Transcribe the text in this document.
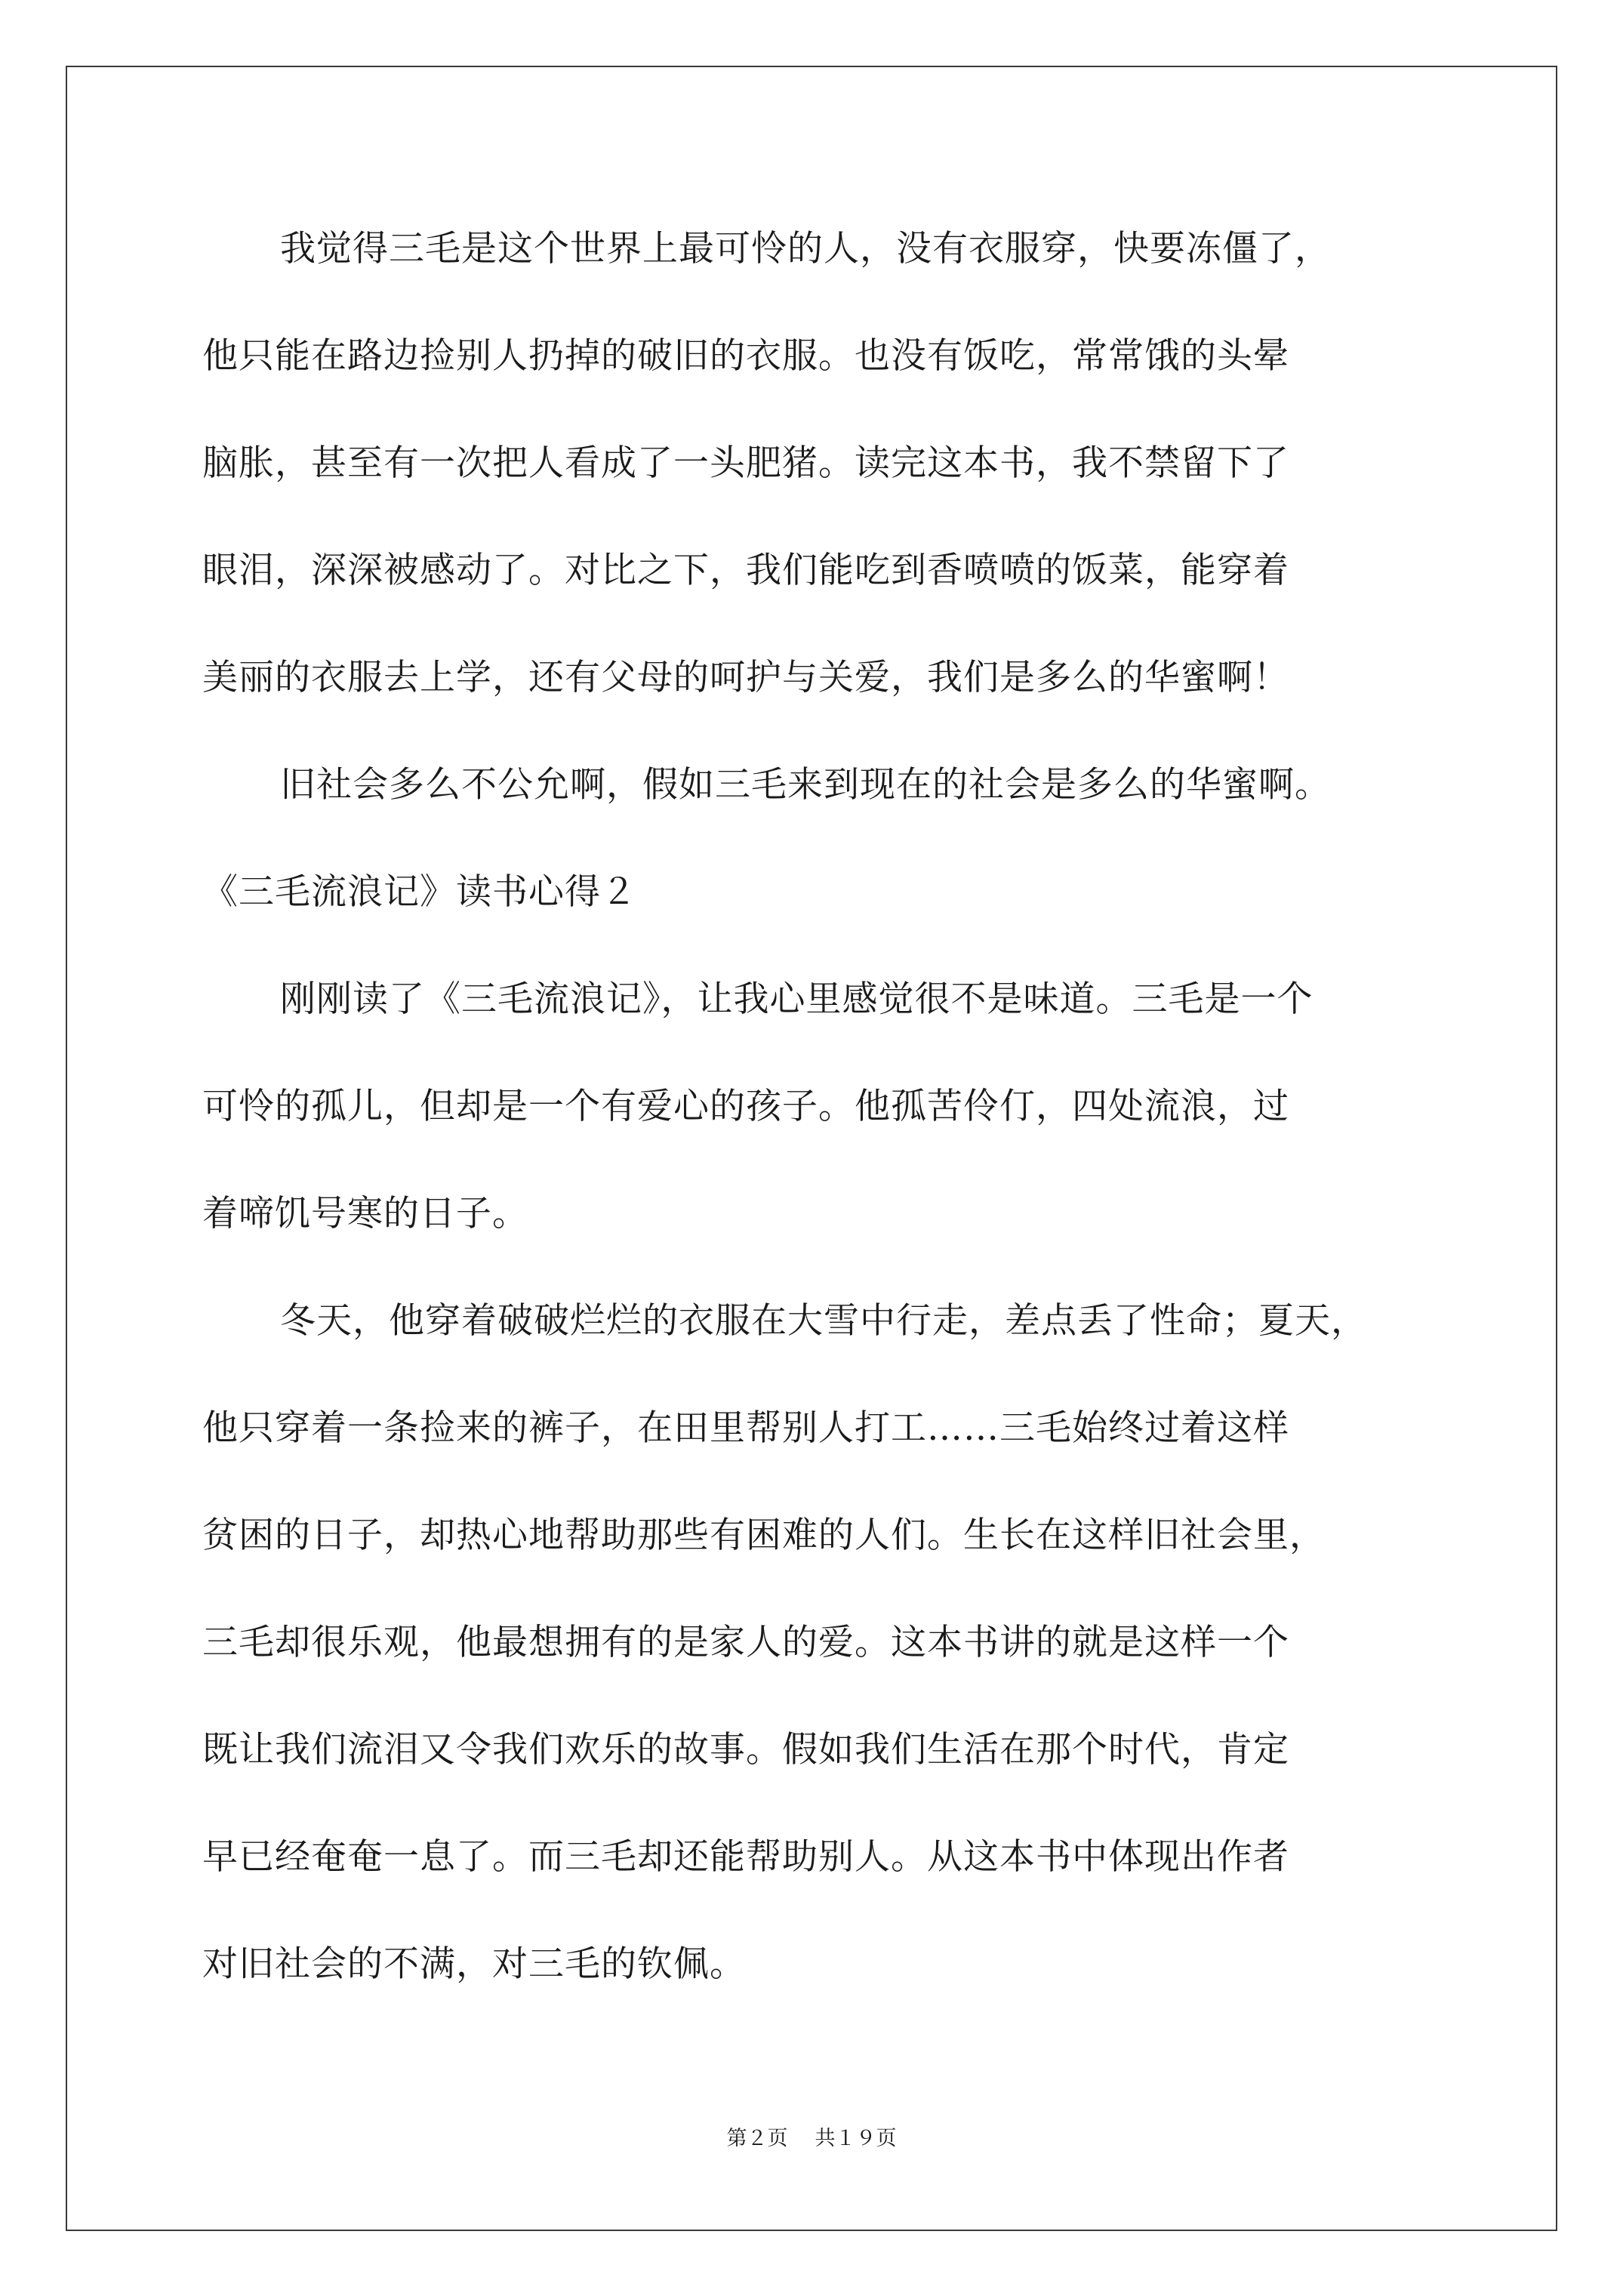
我觉得三毛是这个世界上最可怜的人，没有衣服穿，快要冻僵了，
他只能在路边捡别人扔掉的破旧的衣服。也没有饭吃，常常饿的头晕
脑胀，甚至有一次把人看成了一头肥猪。读完这本书，我不禁留下了
眼泪，深深被感动了。对比之下，我们能吃到香喷喷的饭菜，能穿着
美丽的衣服去上学，还有父母的呵护与关爱，我们是多么的华蜜啊！
旧社会多么不公允啊，假如三毛来到现在的社会是多么的华蜜啊。
《三毛流浪记》读书心得２
刚刚读了《三毛流浪记》，让我心里感觉很不是味道。三毛是一个
可怜的孤儿，但却是一个有爱心的孩子。他孤苦伶仃，四处流浪，过
着啼饥号寒的日子。
冬天，他穿着破破烂烂的衣服在大雪中行走，差点丢了性命；夏天，
他只穿着一条捡来的裤子，在田里帮别人打工……三毛始终过着这样
贫困的日子，却热心地帮助那些有困难的人们。生长在这样旧社会里，
三毛却很乐观，他最想拥有的是家人的爱。这本书讲的就是这样一个
既让我们流泪又令我们欢乐的故事。假如我们生活在那个时代，肯定
早已经奄奄一息了。而三毛却还能帮助别人。从这本书中体现出作者
对旧社会的不满，对三毛的钦佩。
第２页 共１９页
